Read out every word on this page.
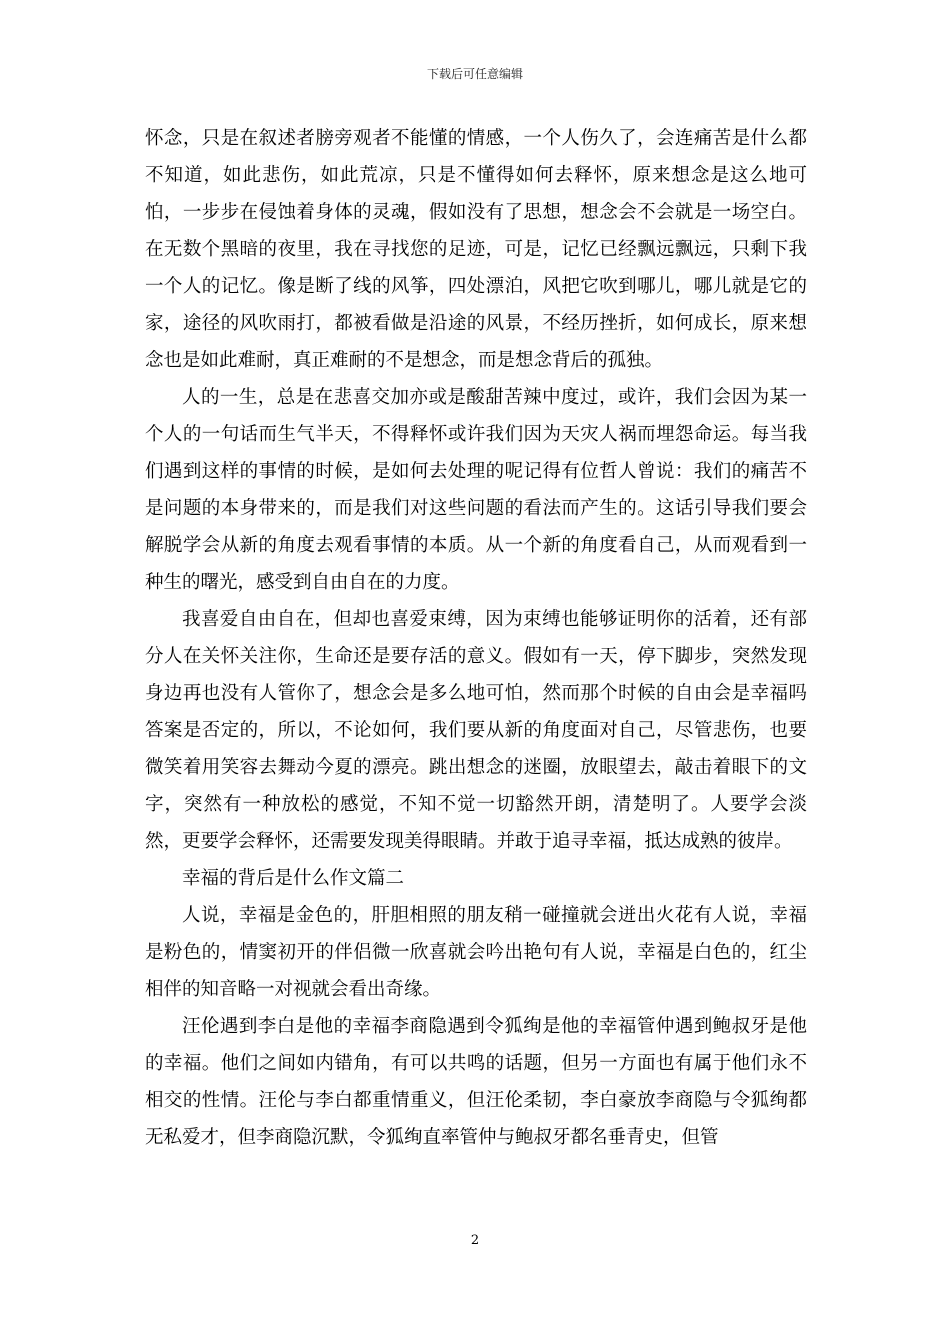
下载后可任意编辑

怀念，只是在叙述者膀旁观者不能懂的情感，一个人伤久了，会连痛苦是什么都不知道，如此悲伤，如此荒凉，只是不懂得如何去释怀，原来想念是这么地可怕，一步步在侵蚀着身体的灵魂，假如没有了思想，想念会不会就是一场空白。在无数个黑暗的夜里，我在寻找您的足迹，可是，记忆已经飘远飘远，只剩下我一个人的记忆。像是断了线的风筝，四处漂泊，风把它吹到哪儿，哪儿就是它的家，途径的风吹雨打，都被看做是沿途的风景，不经历挫折，如何成长，原来想念也是如此难耐，真正难耐的不是想念，而是想念背后的孤独。

人的一生，总是在悲喜交加亦或是酸甜苦辣中度过，或许，我们会因为某一个人的一句话而生气半天，不得释怀或许我们因为天灾人祸而埋怨命运。每当我们遇到这样的事情的时候，是如何去处理的呢记得有位哲人曾说：我们的痛苦不是问题的本身带来的，而是我们对这些问题的看法而产生的。这话引导我们要会解脱学会从新的角度去观看事情的本质。从一个新的角度看自己，从而观看到一种生的曙光，感受到自由自在的力度。

我喜爱自由自在，但却也喜爱束缚，因为束缚也能够证明你的活着，还有部分人在关怀关注你，生命还是要存活的意义。假如有一天，停下脚步，突然发现身边再也没有人管你了，想念会是多么地可怕，然而那个时候的自由会是幸福吗答案是否定的，所以，不论如何，我们要从新的角度面对自己，尽管悲伤，也要微笑着用笑容去舞动今夏的漂亮。跳出想念的迷圈，放眼望去，敲击着眼下的文字，突然有一种放松的感觉，不知不觉一切豁然开朗，清楚明了。人要学会淡然，更要学会释怀，还需要发现美得眼睛。并敢于追寻幸福，抵达成熟的彼岸。

幸福的背后是什么作文篇二

人说，幸福是金色的，肝胆相照的朋友稍一碰撞就会迸出火花有人说，幸福是粉色的，情窦初开的伴侣微一欣喜就会吟出艳句有人说，幸福是白色的，红尘相伴的知音略一对视就会看出奇缘。

汪伦遇到李白是他的幸福李商隐遇到令狐绚是他的幸福管仲遇到鲍叔牙是他的幸福。他们之间如内错角，有可以共鸣的话题，但另一方面也有属于他们永不相交的性情。汪伦与李白都重情重义，但汪伦柔韧，李白豪放李商隐与令狐绚都无私爱才，但李商隐沉默，令狐绚直率管仲与鲍叔牙都名垂青史，但管

2
